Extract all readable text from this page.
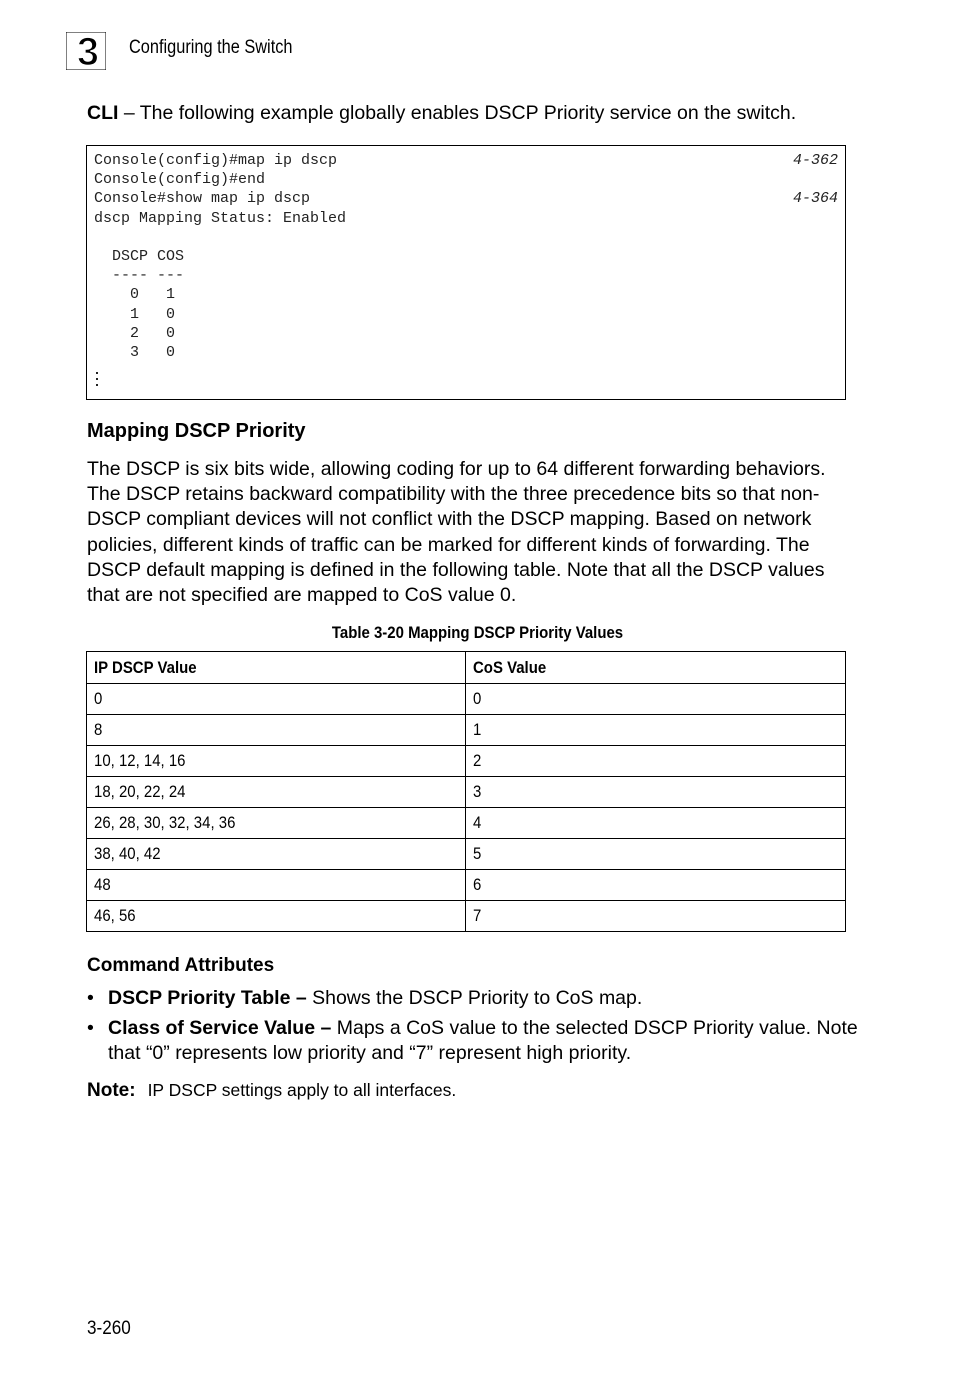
3 Configuring the Switch
CLI – The following example globally enables DSCP Priority service on the switch.
Console(config)#map ip dscp	4-362
Console(config)#end
Console#show map ip dscp	4-364
dscp Mapping Status: Enabled
DSCP COS
---- ---
0   1
1   0
2   0
3   0
Mapping DSCP Priority

The DSCP is six bits wide, allowing coding for up to 64 different forwarding behaviors. The DSCP retains backward compatibility with the three precedence bits so that non-DSCP compliant devices will not conflict with the DSCP mapping. Based on network policies, different kinds of traffic can be marked for different kinds of forwarding. The DSCP default mapping is defined in the following table. Note that all the DSCP values that are not specified are mapped to CoS value 0.

Table 3-20 Mapping DSCP Priority Values
IP DSCP Value	CoS Value
0	0
8	1
10, 12, 14, 16	2
18, 20, 22, 24	3
26, 28, 30, 32, 34, 36	4
38, 40, 42	5
48	6
46, 56	7
Command Attributes
• DSCP Priority Table – Shows the DSCP Priority to CoS map.
• Class of Service Value – Maps a CoS value to the selected DSCP Priority value. Note that “0” represents low priority and “7” represent high priority.
Note: IP DSCP settings apply to all interfaces.
3-260
